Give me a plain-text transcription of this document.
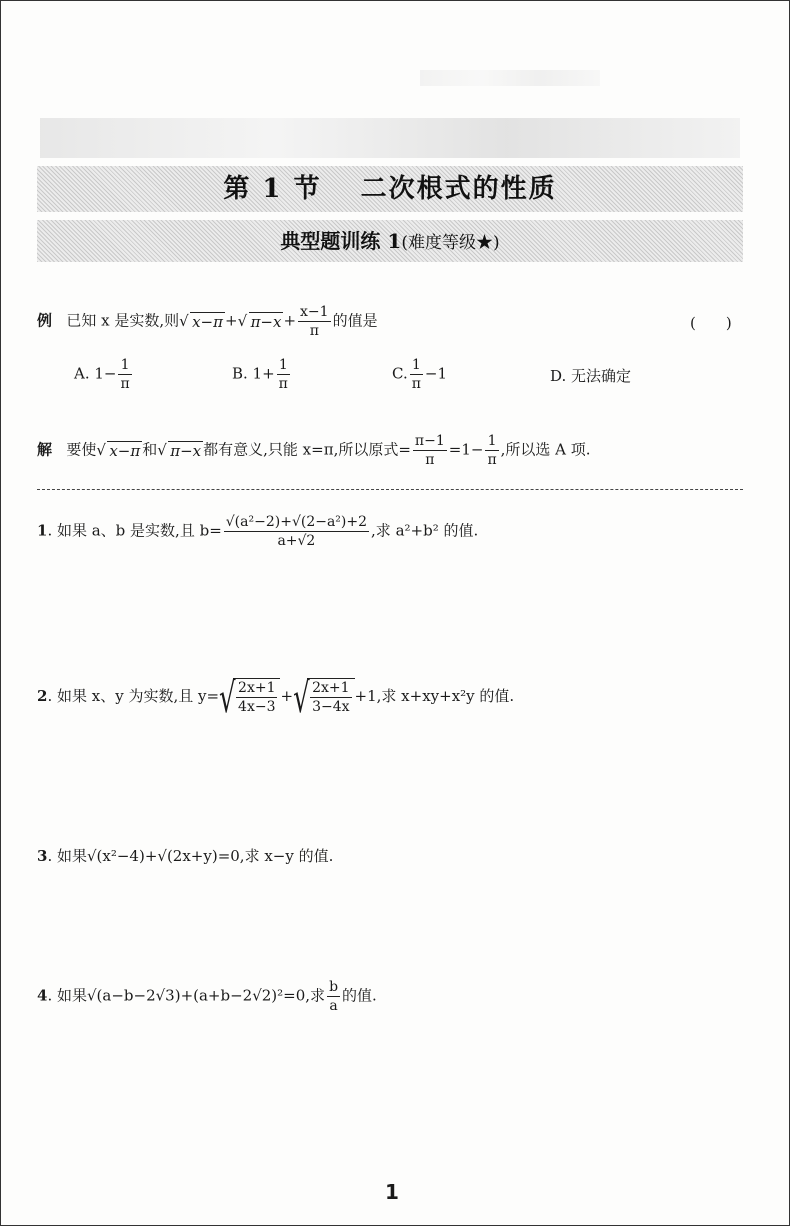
第 1 节　 二次根式的性质
典型题训练 1(难度等级★)
例 已知 x 是实数,则 √ x−π + √ $\pi-x + \frac{x-1}{\pi}$ 的值是	(　　)
A. $1- \frac{1}{\pi}$	B. $1+ \frac{1}{\pi}$	C. $\frac{1}{\pi} -1$	D. 无法确定
解 要使 √ x−π 和 √ π−x 都有意义,只能 x=π,所以原式= $\frac{\pi-1}{\pi} =1- \frac{1}{\pi}$ ,所以选 A 项.
1. 如果 a、b 是实数,且 $b= \frac{\text{√(a²−2)+√(2−a²)+2}}{a+√2}$ ,求 a²+b² 的值.
2. 如果 x、y 为实数,且 y= √ $\frac{2x+1}{4x-3}$ + √ $\frac{2x+1}{3-4x} +1$,求 x+xy+x²y 的值.
3. 如果√(x²−4)+√(2x+y)=0,求 x−y 的值.
4. 如果√(a−b−2√3)+(a+b−2√2)²=0,求 $\frac{b}{a}$ 的值.
1
